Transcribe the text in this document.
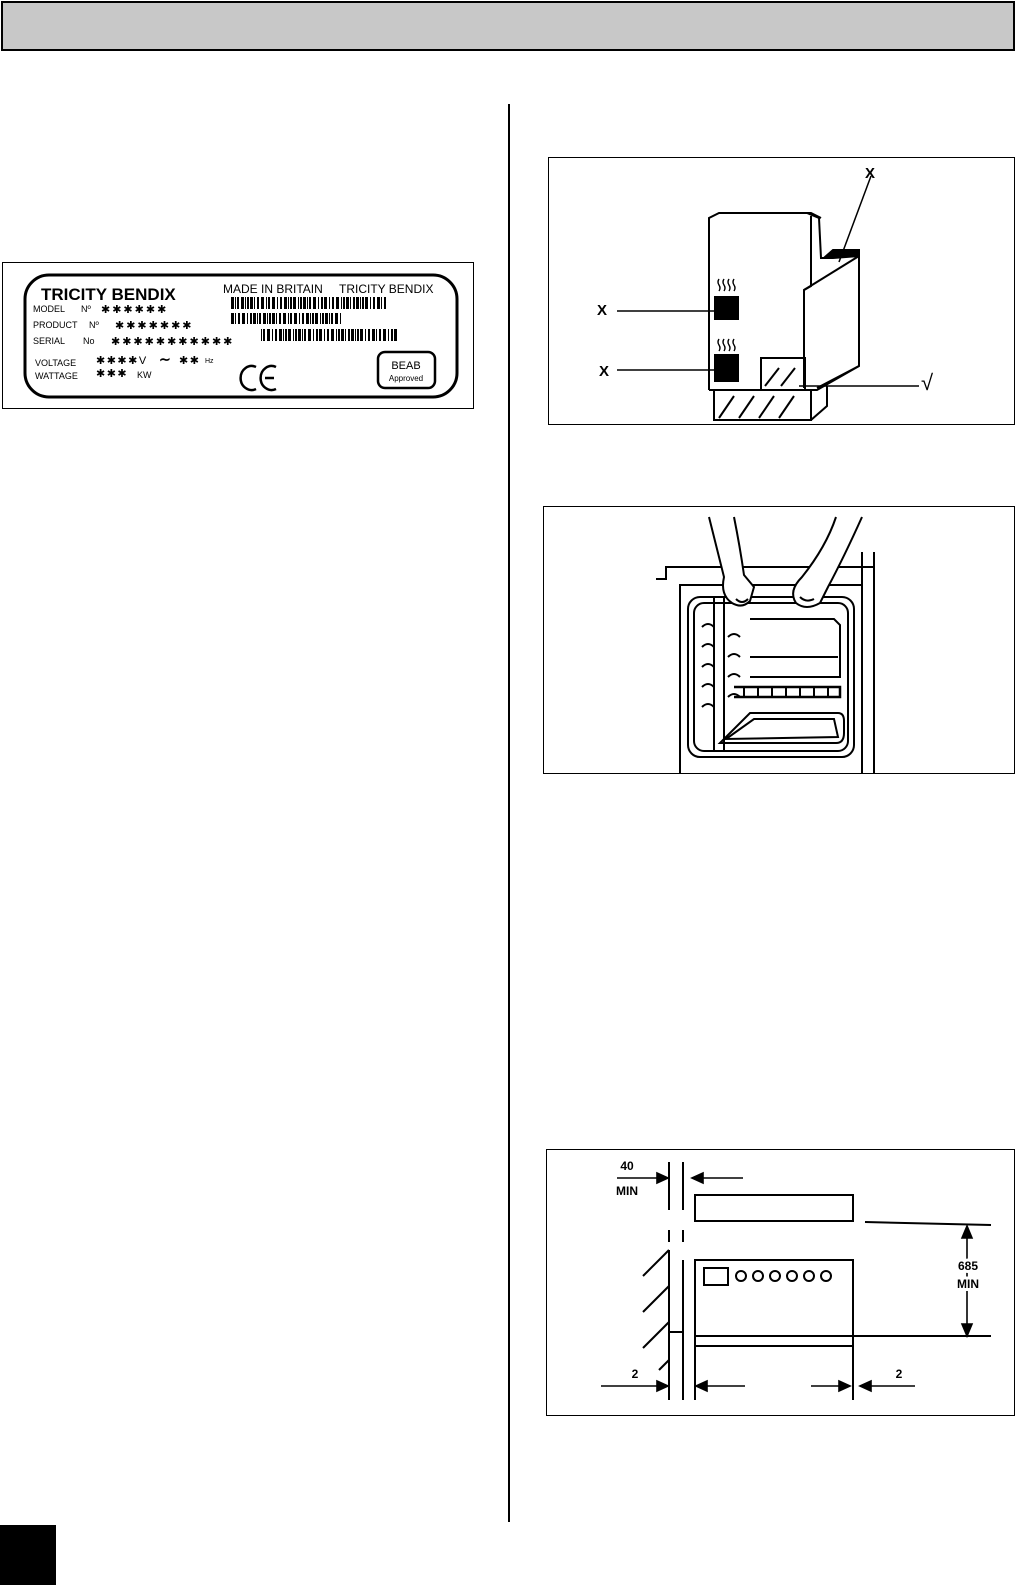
TRICITY BENDIX	MADE IN BRITAIN TRICITY BENDIX
MODEL Nº ✱✱✱✱✱✱
PRODUCT Nº ✱✱✱✱✱✱✱
SERIAL No ✱✱✱✱✱✱✱✱✱✱✱
VOLTAGE ✱✱✱✱V ∼ ✱✱ Hz
WATTAGE ✱✱✱ KW
BEAB
Approved
X
X
X	√
40
MIN
685
MIN
2	2
